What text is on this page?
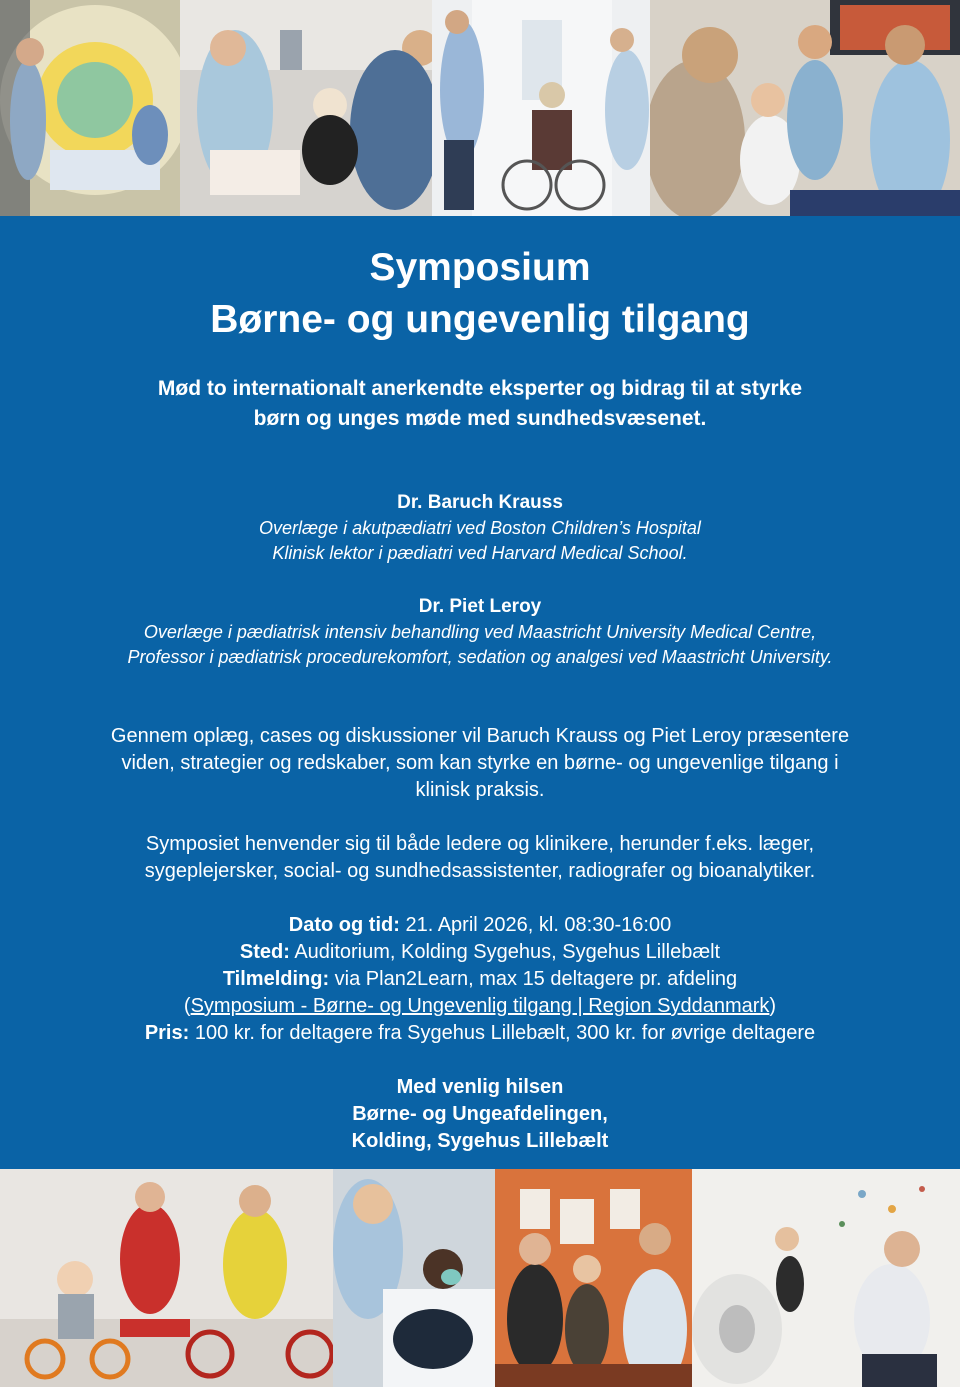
Symposium
Børne- og ungevenlig tilgang
Mød to internationalt anerkendte eksperter og bidrag til at styrke
børn og unges møde med sundhedsvæsenet.
Dr. Baruch Krauss
Overlæge i akutpædiatri ved Boston Children’s Hospital
Klinisk lektor i pædiatri ved Harvard Medical School.
Dr. Piet Leroy
Overlæge i pædiatrisk intensiv behandling ved Maastricht University Medical Centre,
Professor i pædiatrisk procedurekomfort, sedation og analgesi ved Maastricht University.
Gennem oplæg, cases og diskussioner vil Baruch Krauss og Piet Leroy præsentere
viden, strategier og redskaber, som kan styrke en børne- og ungevenlige tilgang i
klinisk praksis.
Symposiet henvender sig til både ledere og klinikere, herunder f.eks. læger,
sygeplejersker, social- og sundhedsassistenter, radiografer og bioanalytiker.
Dato og tid: 21. April 2026, kl. 08:30-16:00
Sted: Auditorium, Kolding Sygehus, Sygehus Lillebælt
Tilmelding: via Plan2Learn, max 15 deltagere pr. afdeling
(Symposium - Børne- og Ungevenlig tilgang | Region Syddanmark)
Pris: 100 kr. for deltagere fra Sygehus Lillebælt, 300 kr. for øvrige deltagere
Med venlig hilsen
Børne- og Ungeafdelingen,
Kolding, Sygehus Lillebælt
